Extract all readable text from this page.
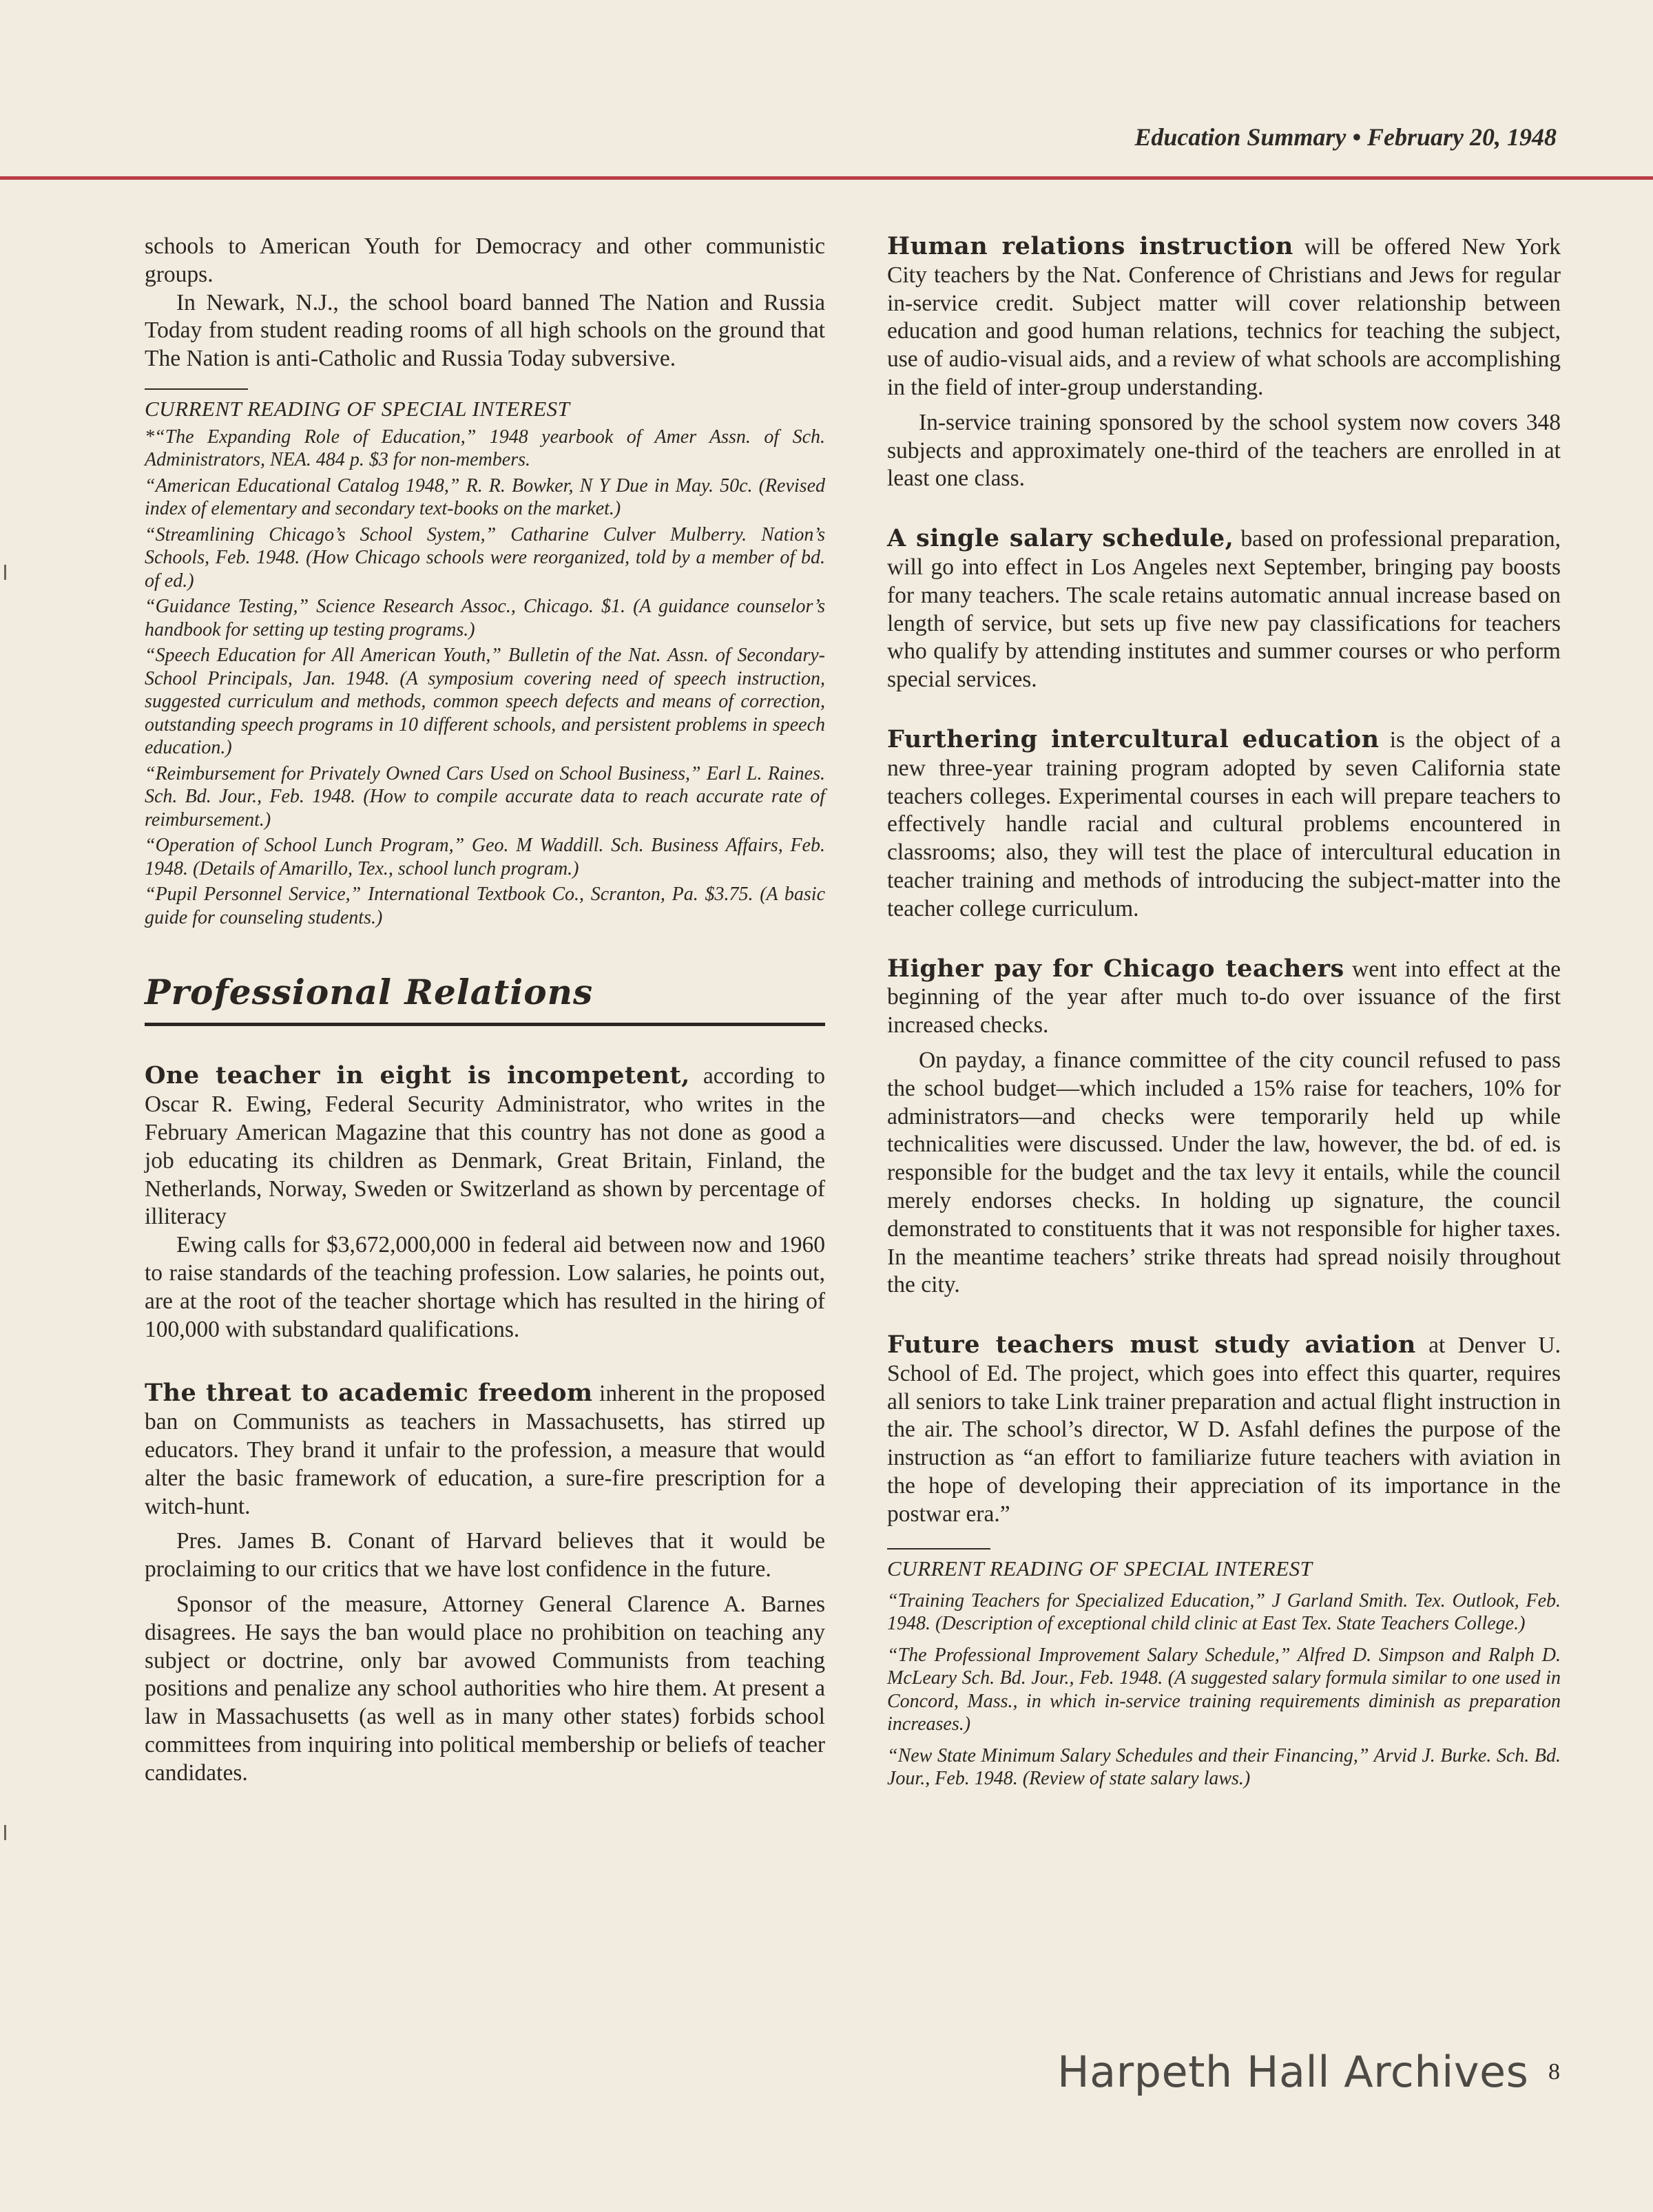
Education Summary • February 20, 1948

schools to American Youth for Democracy and other communistic groups.

In Newark, N.J., the school board banned The Nation and Russia Today from student reading rooms of all high schools on the ground that The Nation is anti-Catholic and Russia Today subversive.

CURRENT READING OF SPECIAL INTEREST
*“The Expanding Role of Education,” 1948 yearbook of Amer Assn. of Sch. Administrators, NEA. 484 p. $3 for non-members.
“American Educational Catalog 1948,” R. R. Bowker, N Y Due in May. 50c. (Revised index of elementary and secondary text-books on the market.)
“Streamlining Chicago’s School System,” Catharine Culver Mulberry. Nation’s Schools, Feb. 1948. (How Chicago schools were reorganized, told by a member of bd. of ed.)
“Guidance Testing,” Science Research Assoc., Chicago. $1. (A guidance counselor’s handbook for setting up testing programs.)
“Speech Education for All American Youth,” Bulletin of the Nat. Assn. of Secondary-School Principals, Jan. 1948. (A symposium covering need of speech instruction, suggested curriculum and methods, common speech defects and means of correction, outstanding speech programs in 10 different schools, and persistent problems in speech education.)
“Reimbursement for Privately Owned Cars Used on School Business,” Earl L. Raines. Sch. Bd. Jour., Feb. 1948. (How to compile accurate data to reach accurate rate of reimbursement.)
“Operation of School Lunch Program,” Geo. M Waddill. Sch. Business Affairs, Feb. 1948. (Details of Amarillo, Tex., school lunch program.)
“Pupil Personnel Service,” International Textbook Co., Scranton, Pa. $3.75. (A basic guide for counseling students.)
Professional Relations

One teacher in eight is incompetent, according to Oscar R. Ewing, Federal Security Administrator, who writes in the February American Magazine that this country has not done as good a job educating its children as Denmark, Great Britain, Finland, the Netherlands, Norway, Sweden or Switzerland as shown by percentage of illiteracy

Ewing calls for $3,672,000,000 in federal aid between now and 1960 to raise standards of the teaching profession. Low salaries, he points out, are at the root of the teacher shortage which has resulted in the hiring of 100,000 with substandard qualifications.

The threat to academic freedom inherent in the proposed ban on Communists as teachers in Massachusetts, has stirred up educators. They brand it unfair to the profession, a measure that would alter the basic framework of education, a sure-fire prescription for a witch-hunt.

Pres. James B. Conant of Harvard believes that it would be proclaiming to our critics that we have lost confidence in the future.

Sponsor of the measure, Attorney General Clarence A. Barnes disagrees. He says the ban would place no prohibition on teaching any subject or doctrine, only bar avowed Communists from teaching positions and penalize any school authorities who hire them. At present a law in Massachusetts (as well as in many other states) forbids school committees from inquiring into political membership or beliefs of teacher candidates.

Human relations instruction will be offered New York City teachers by the Nat. Conference of Christians and Jews for regular in-service credit. Subject matter will cover relationship between education and good human relations, technics for teaching the subject, use of audio-visual aids, and a review of what schools are accomplishing in the field of inter-group understanding.

In-service training sponsored by the school system now covers 348 subjects and approximately one-third of the teachers are enrolled in at least one class.

A single salary schedule, based on professional preparation, will go into effect in Los Angeles next September, bringing pay boosts for many teachers. The scale retains automatic annual increase based on length of service, but sets up five new pay classifications for teachers who qualify by attending institutes and summer courses or who perform special services.

Furthering intercultural education is the object of a new three-year training program adopted by seven California state teachers colleges. Experimental courses in each will prepare teachers to effectively handle racial and cultural problems encountered in classrooms; also, they will test the place of intercultural education in teacher training and methods of introducing the subject-matter into the teacher college curriculum.

Higher pay for Chicago teachers went into effect at the beginning of the year after much to-do over issuance of the first increased checks.

On payday, a finance committee of the city council refused to pass the school budget—which included a 15% raise for teachers, 10% for administrators—and checks were temporarily held up while technicalities were discussed. Under the law, however, the bd. of ed. is responsible for the budget and the tax levy it entails, while the council merely endorses checks. In holding up signature, the council demonstrated to constituents that it was not responsible for higher taxes. In the meantime teachers’ strike threats had spread noisily throughout the city.

Future teachers must study aviation at Denver U. School of Ed. The project, which goes into effect this quarter, requires all seniors to take Link trainer preparation and actual flight instruction in the air. The school’s director, W D. Asfahl defines the purpose of the instruction as “an effort to familiarize future teachers with aviation in the hope of developing their appreciation of its importance in the postwar era.”

CURRENT READING OF SPECIAL INTEREST
“Training Teachers for Specialized Education,” J Garland Smith. Tex. Outlook, Feb. 1948. (Description of exceptional child clinic at East Tex. State Teachers College.)
“The Professional Improvement Salary Schedule,” Alfred D. Simpson and Ralph D. McLeary Sch. Bd. Jour., Feb. 1948. (A suggested salary formula similar to one used in Concord, Mass., in which in-service training requirements diminish as preparation increases.)
“New State Minimum Salary Schedules and their Financing,” Arvid J. Burke. Sch. Bd. Jour., Feb. 1948. (Review of state salary laws.)
Harpeth Hall Archives 8
